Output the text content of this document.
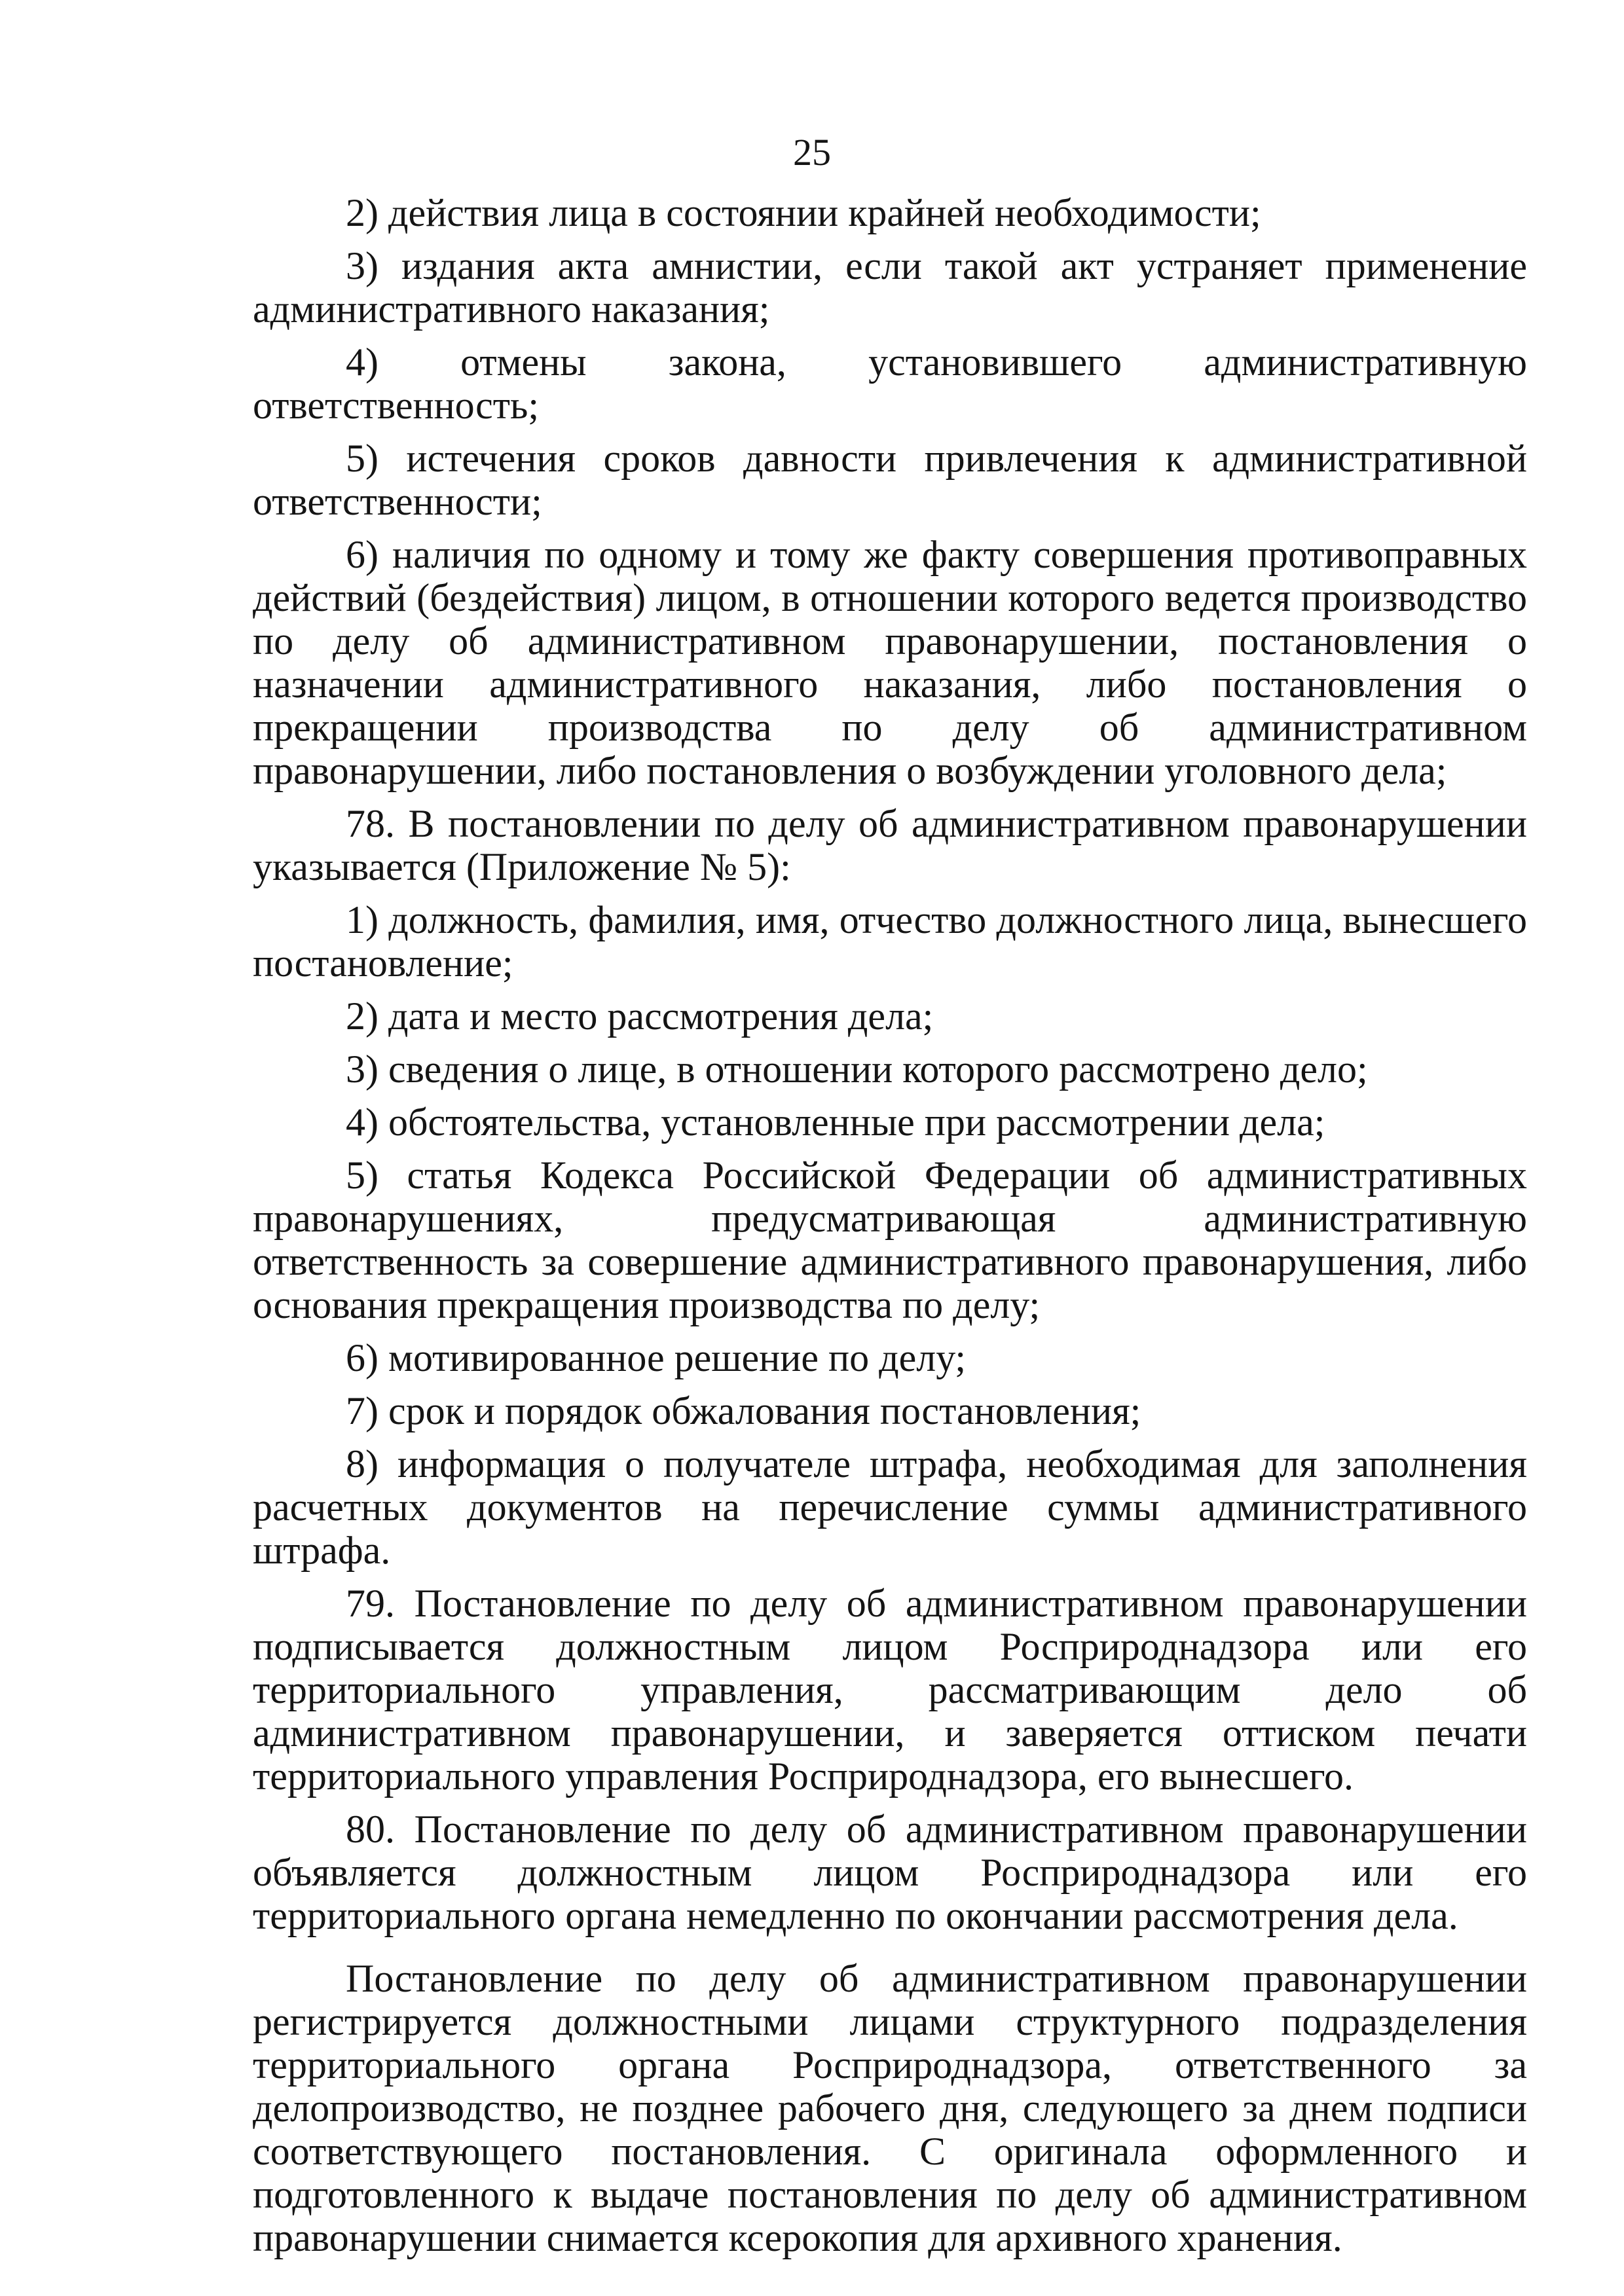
25

2) действия лица в состоянии крайней необходимости;

3) издания акта амнистии, если такой акт устраняет применение административного наказания;

4) отмены закона, установившего административную ответственность;

5) истечения сроков давности привлечения к административной ответственности;

6) наличия по одному и тому же факту совершения противоправных действий (бездействия) лицом, в отношении которого ведется производство по делу об административном правонарушении, постановления о назначении административного наказания, либо постановления о прекращении производства по делу об административном правонарушении, либо постановления о возбуждении уголовного дела;

78. В постановлении по делу об административном правонарушении указывается (Приложение № 5):

1) должность, фамилия, имя, отчество должностного лица, вынесшего постановление;

2) дата и место рассмотрения дела;

3) сведения о лице, в отношении которого рассмотрено дело;

4) обстоятельства, установленные при рассмотрении дела;

5) статья Кодекса Российской Федерации об административных правонарушениях, предусматривающая административную ответственность за совершение административного правонарушения, либо основания прекращения производства по делу;

6) мотивированное решение по делу;

7) срок и порядок обжалования постановления;

8) информация о получателе штрафа, необходимая для заполнения расчетных документов на перечисление суммы административного штрафа.

79. Постановление по делу об административном правонарушении подписывается должностным лицом Росприроднадзора или его территориального управления, рассматривающим дело об административном правонарушении, и заверяется оттиском печати территориального управления Росприроднадзора, его вынесшего.

80. Постановление по делу об административном правонарушении объявляется должностным лицом Росприроднадзора или его территориального органа немедленно по окончании рассмотрения дела.

Постановление по делу об административном правонарушении регистрируется должностными лицами структурного подразделения территориального органа Росприроднадзора, ответственного за делопроизводство, не позднее рабочего дня, следующего за днем подписи соответствующего постановления. С оригинала оформленного и подготовленного к выдаче постановления по делу об административном правонарушении снимается ксерокопия для архивного хранения.
